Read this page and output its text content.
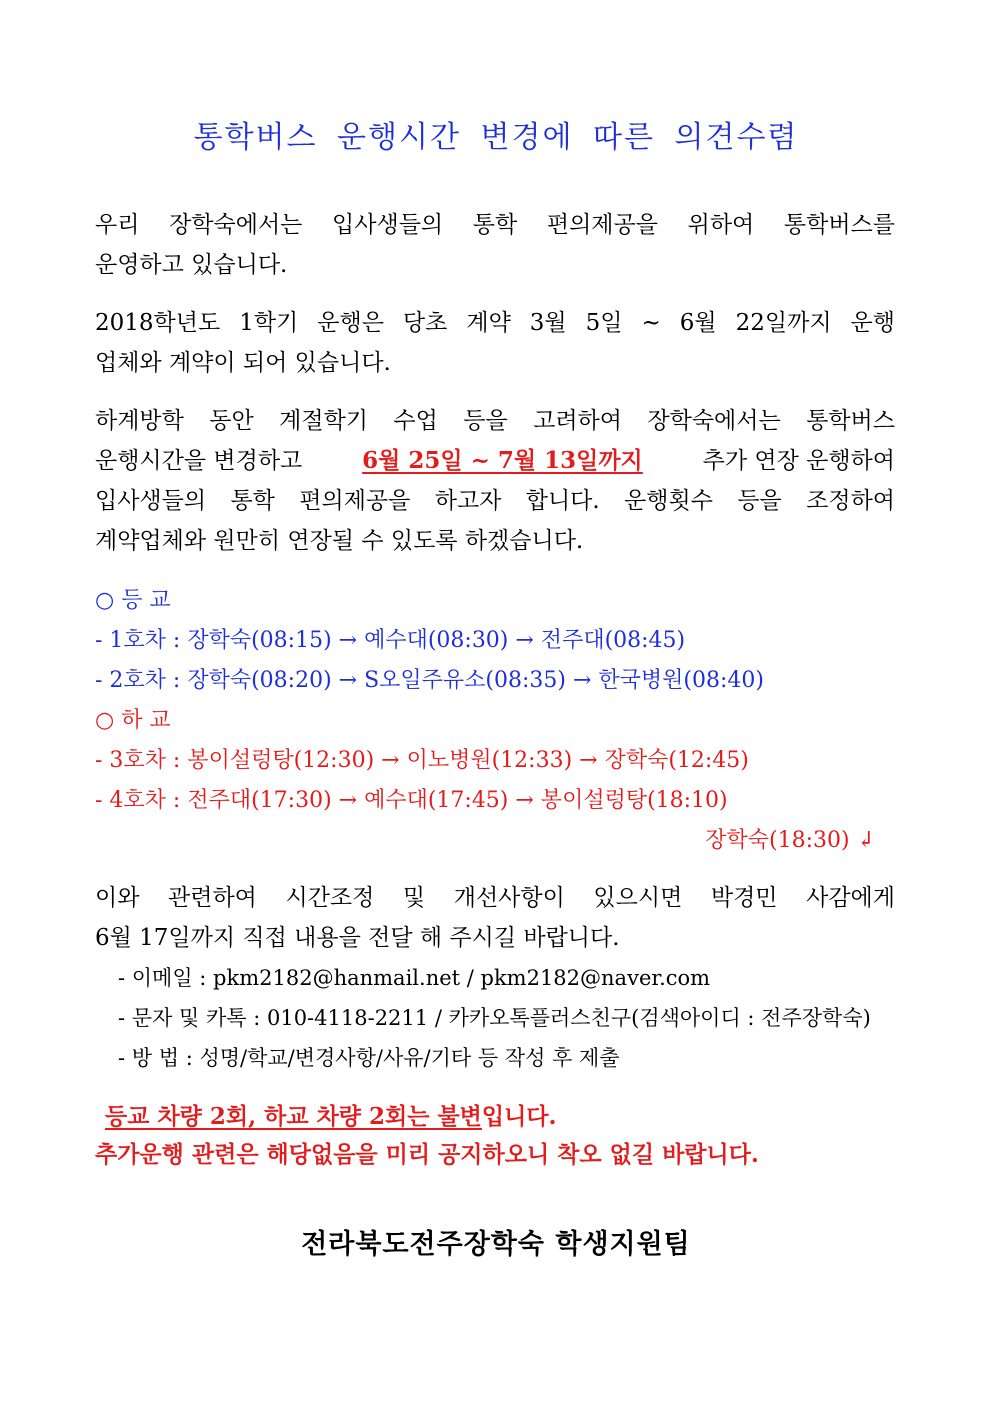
통학버스 운행시간 변경에 따른 의견수렴
우리 장학숙에서는 입사생들의 통학 편의제공을 위하여 통학버스를
운영하고 있습니다.
2018학년도 1학기 운행은 당초 계약 3월 5일 ~ 6월 22일까지 운행
업체와 계약이 되어 있습니다.
하계방학 동안 계절학기 수업 등을 고려하여 장학숙에서는 통학버스
운행시간을 변경하고	6월 25일 ~ 7월 13일까지	추가 연장 운행하여
입사생들의 통학 편의제공을 하고자 합니다. 운행횟수 등을 조정하여
계약업체와 원만히 연장될 수 있도록 하겠습니다.
○ 등 교
- 1호차 : 장학숙(08:15) → 예수대(08:30) → 전주대(08:45)
- 2호차 : 장학숙(08:20) → S오일주유소(08:35) → 한국병원(08:40)
○ 하 교
- 3호차 : 봉이설렁탕(12:30) → 이노병원(12:33) → 장학숙(12:45)
- 4호차 : 전주대(17:30) → 예수대(17:45) → 봉이설렁탕(18:10)
장학숙(18:30) ↲
이와 관련하여 시간조정 및 개선사항이 있으시면 박경민 사감에게
6월 17일까지 직접 내용을 전달 해 주시길 바랍니다.
- 이메일 : pkm2182@hanmail.net / pkm2182@naver.com
- 문자 및 카톡 : 010-4118-2211 / 카카오톡플러스친구(검색아이디 : 전주장학숙)
- 방 법 : 성명/학교/변경사항/사유/기타 등 작성 후 제출
등교 차량 2회, 하교 차량 2회는 불변입니다.
추가운행 관련은 해당없음을 미리 공지하오니 착오 없길 바랍니다.
전라북도전주장학숙 학생지원팀
